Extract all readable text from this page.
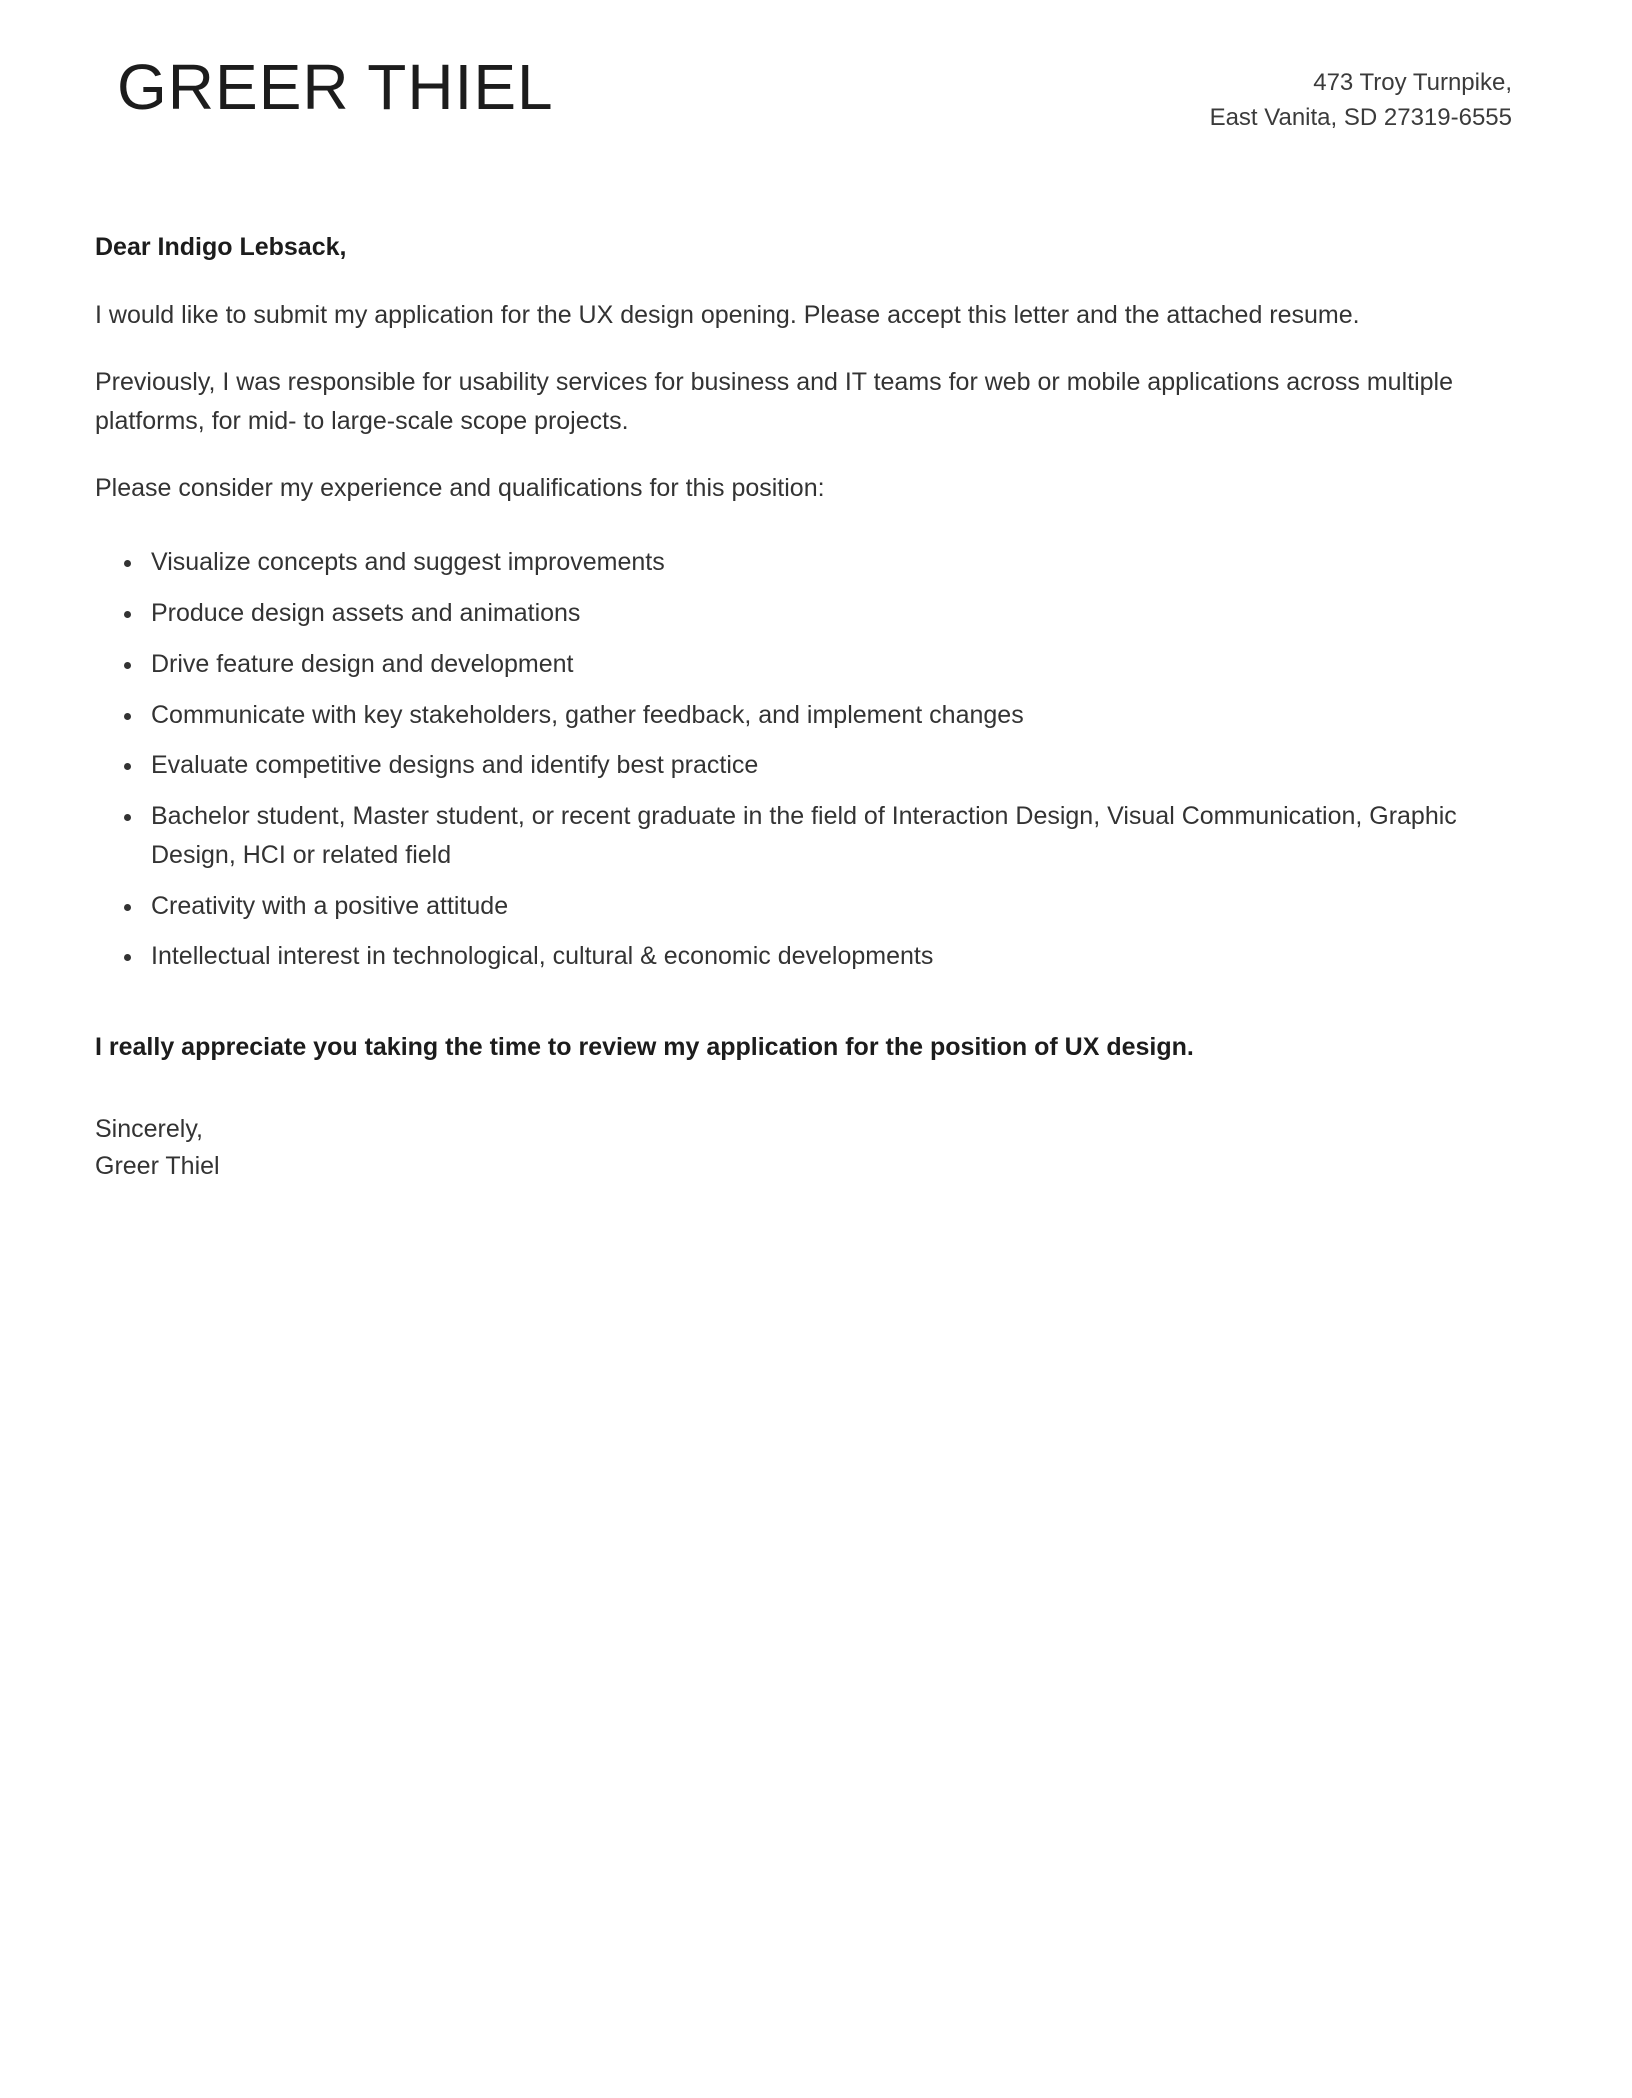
GREER THIEL	473 Troy Turnpike,
East Vanita, SD 27319-6555
Dear Indigo Lebsack,

I would like to submit my application for the UX design opening. Please accept this letter and the attached resume.

Previously, I was responsible for usability services for business and IT teams for web or mobile applications across multiple platforms, for mid- to large-scale scope projects.

Please consider my experience and qualifications for this position:

• Visualize concepts and suggest improvements
• Produce design assets and animations
• Drive feature design and development
• Communicate with key stakeholders, gather feedback, and implement changes
• Evaluate competitive designs and identify best practice
• Bachelor student, Master student, or recent graduate in the field of Interaction Design, Visual Communication, Graphic Design, HCI or related field
• Creativity with a positive attitude
• Intellectual interest in technological, cultural & economic developments

I really appreciate you taking the time to review my application for the position of UX design.

Sincerely,
Greer Thiel
